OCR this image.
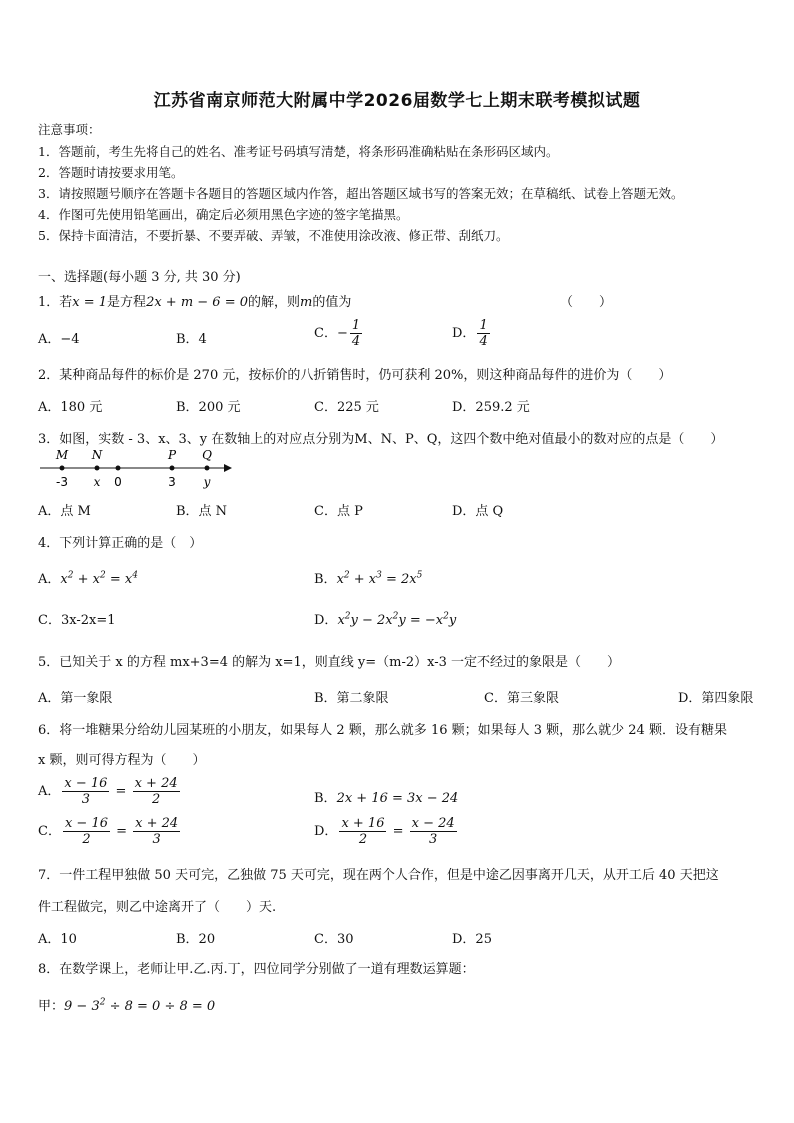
江苏省南京师范大附属中学2026届数学七上期末联考模拟试题
注意事项：
1．答题前，考生先将自己的姓名、准考证号码填写清楚，将条形码准确粘贴在条形码区域内。
2．答题时请按要求用笔。
3．请按照题号顺序在答题卡各题目的答题区域内作答，超出答题区域书写的答案无效；在草稿纸、试卷上答题无效。
4．作图可先使用铅笔画出，确定后必须用黑色字迹的签字笔描黑。
5．保持卡面清洁，不要折暴、不要弄破、弄皱，不准使用涂改液、修正带、刮纸刀。
一、选择题(每小题 3 分, 共 30 分)
1．若x = 1是方程2x + m − 6 = 0的解，则m的值为	（　　）
A．−4	B．4	C．− $\frac{1}{4}$	D． $\frac{1}{4}$
2．某种商品每件的标价是 270 元，按标价的八折销售时，仍可获利 20%，则这种商品每件的进价为（　　）
A．180 元	B．200 元	C．225 元	D．259.2 元
3．如图，实数 - 3、x、3、y 在数轴上的对应点分别为M、N、P、Q，这四个数中绝对值最小的数对应的点是（　　）
M N	P Q
-3 x 0	3 y
A．点 M	B．点 N	C．点 P	D．点 Q
4．下列计算正确的是（　）
A．$x^2 + x^2 = x^4$	B．$x^2 + x^3 = 2x^5$
C．3x-2x=1	D．$x^2y - 2x^2y = -x^2y$
5．已知关于 x 的方程 mx+3=4 的解为 x=1，则直线 y=（m-2）x-3 一定不经过的象限是（　　）
A．第一象限	B．第二象限	C．第三象限	D．第四象限
6．将一堆糖果分给幼儿园某班的小朋友，如果每人 2 颗，那么就多 16 颗；如果每人 3 颗，那么就少 24 颗．设有糖果
x 颗，则可得方程为（　　）
A． $\frac{x - 16}{3} = \frac{x + 24}{2}$	B．2x + 16 = 3x − 24
C． $\frac{x - 16}{2} = \frac{x + 24}{3}$	D． $\frac{x + 16}{2} = \frac{x - 24}{3}$
7．一件工程甲独做 50 天可完，乙独做 75 天可完，现在两个人合作，但是中途乙因事离开几天，从开工后 40 天把这
件工程做完，则乙中途离开了（　　）天.
A．10	B．20	C．30	D．25
8．在数学课上，老师让甲.乙.丙.丁，四位同学分别做了一道有理数运算题：
甲：$9 - 3^2 \div 8 = 0 \div 8 = 0$
